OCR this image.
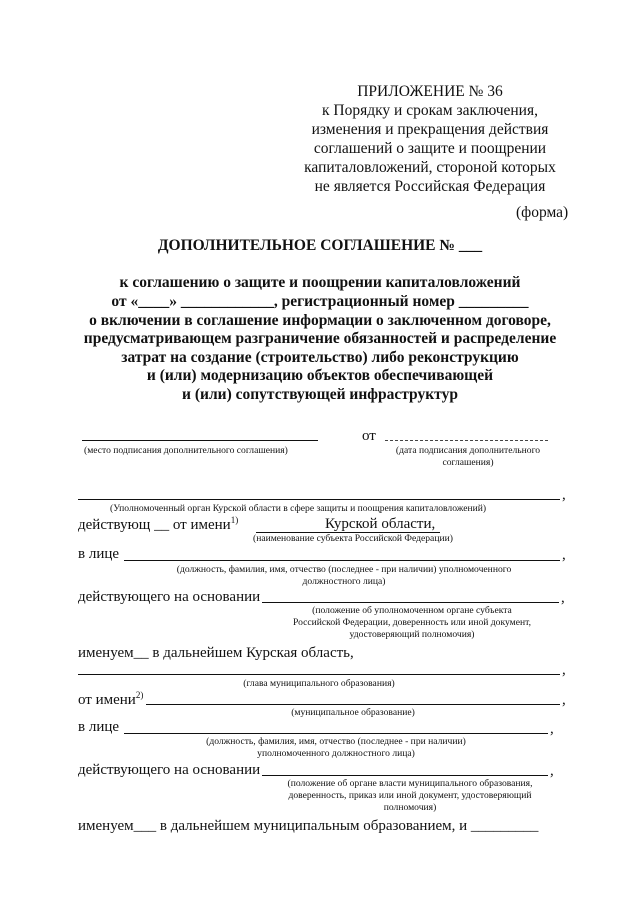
ПРИЛОЖЕНИЕ № 36
к Порядку и срокам заключения,
изменения и прекращения действия
соглашений о защите и поощрении
капиталовложений, стороной которых
не является Российская Федерация
(форма)
ДОПОЛНИТЕЛЬНОЕ СОГЛАШЕНИЕ № ___
к соглашению о защите и поощрении капиталовложений
от «____» ____________, регистрационный номер _________
о включении в соглашение информации о заключенном договоре,
предусматривающем разграничение обязанностей и распределение
затрат на создание (строительство) либо реконструкцию
и (или) модернизацию объектов обеспечивающей
и (или) сопутствующей инфраструктур
от
(место подписания дополнительного соглашения)	(дата подписания дополнительного
соглашения)
,
(Уполномоченный орган Курской области в сфере защиты и поощрения капиталовложений)
действующ __ от имени$^{1)}$	Курской области,
(наименование субъекта Российской Федерации)
в лице	,
(должность, фамилия, имя, отчество (последнее - при наличии) уполномоченного
должностного лица)
действующего на основании	,
(положение об уполномоченном органе субъекта
Российской Федерации, доверенность или иной документ,
удостоверяющий полномочия)
именуем__ в дальнейшем Курская область,
,
(глава муниципального образования)
от имени$^{2)}$	,
(муниципальное образование)
в лице	,
(должность, фамилия, имя, отчество (последнее - при наличии)
уполномоченного должностного лица)
действующего на основании	,
(положение об органе власти муниципального образования,
доверенность, приказ или иной документ, удостоверяющий
полномочия)
именуем___ в дальнейшем муниципальным образованием, и _________
